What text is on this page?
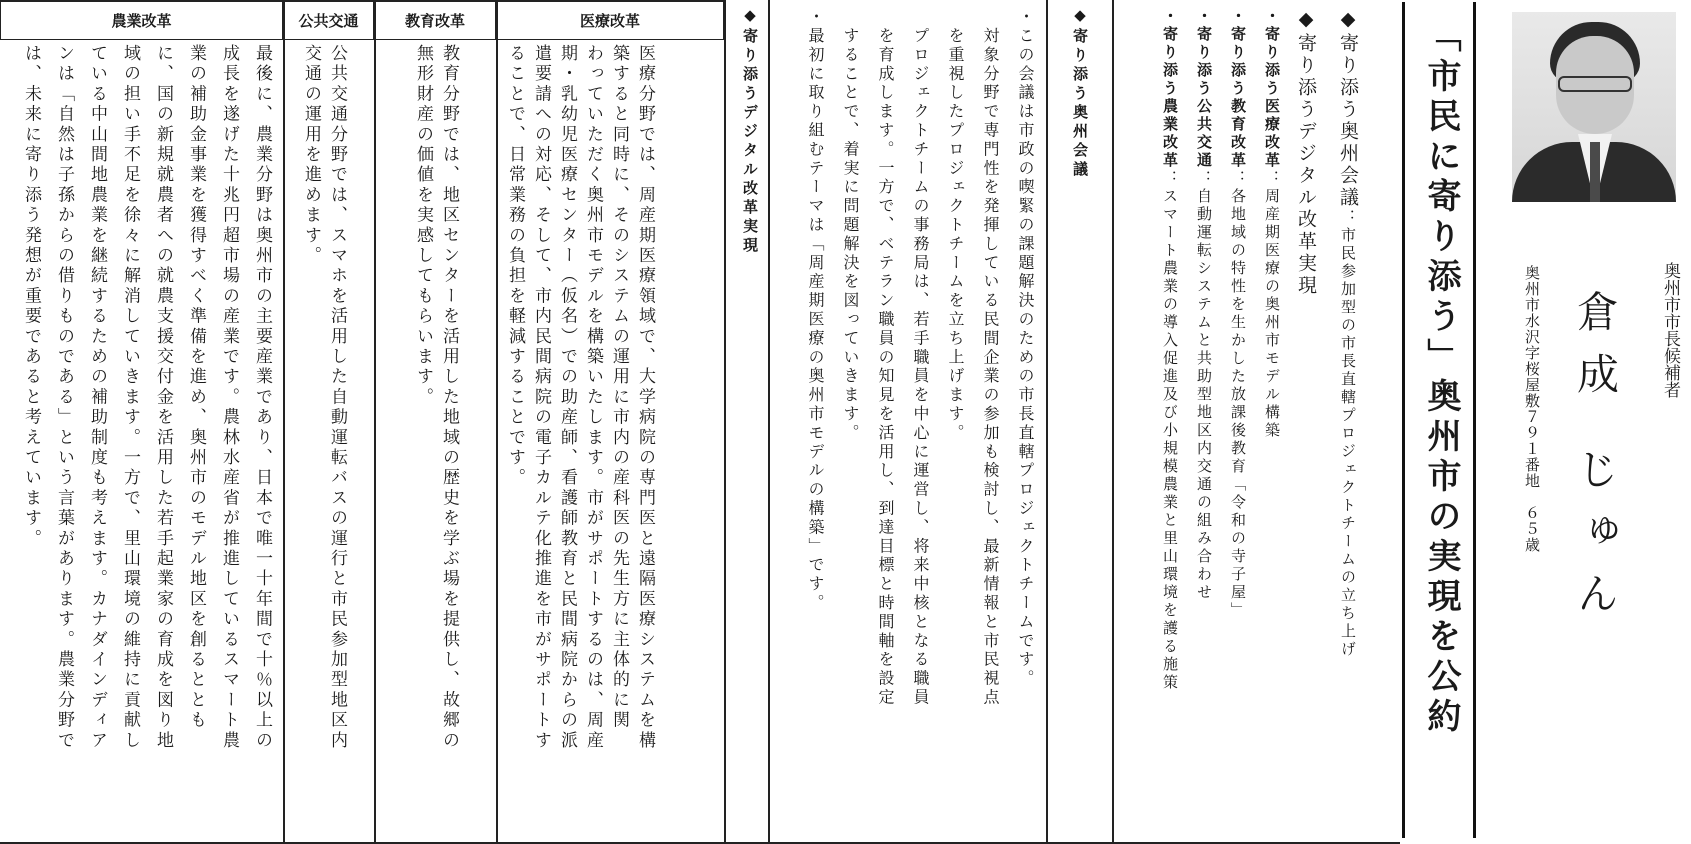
奥州市市長候補者
倉成 じゅん
奥州市水沢字桜屋敷７９１番地　６５歳
「市民に寄り添う」奥州市の実現を公約
◆寄り添う奥州会議：市民参加型の市長直轄プロジェクトチームの立ち上げ
◆寄り添うデジタル改革実現
・寄り添う医療改革：周産期医療の奥州市モデル構築
・寄り添う教育改革：各地域の特性を生かした放課後教育「令和の寺子屋」
・寄り添う公共交通：自動運転システムと共助型地区内交通の組み合わせ
・寄り添う農業改革：スマート農業の導入促進及び小規模農業と里山環境を護る施策
◆寄り添う奥州会議
・この会議は市政の喫緊の課題解決のための市長直轄プロジェクトチームです。
　対象分野で専門性を発揮している民間企業の参加も検討し、最新情報と市民視点
　を重視したプロジェクトチームを立ち上げます。
　プロジェクトチームの事務局は、若手職員を中心に運営し、将来中核となる職員
　を育成します。一方で、ベテラン職員の知見を活用し、到達目標と時間軸を設定
　することで、着実に問題解決を図っていきます。
・最初に取り組むテーマは「周産期医療の奥州市モデルの構築」です。
◆寄り添うデジタル改革実現
医療改革
医療分野では、周産期医療領域で、大学病院の専門医と遠隔医療システムを構
築すると同時に、そのシステムの運用に市内の産科医の先生方に主体的に関
わっていただく奥州市モデルを構築いたします。市がサポートするのは、周産
期・乳幼児医療センター（仮名）での助産師、看護師教育と民間病院からの派
遣要請への対応、そして、市内民間病院の電子カルテ化推進を市がサポートす
ることで、日常業務の負担を軽減することです。
教育改革
教育分野では、地区センターを活用した地域の歴史を学ぶ場を提供し、故郷の
無形財産の価値を実感してもらいます。
公共交通
公共交通分野では、スマホを活用した自動運転バスの運行と市民参加型地区内
交通の運用を進めます。
農業改革
最後に、農業分野は奥州市の主要産業であり、日本で唯一十年間で十％以上の
成長を遂げた十兆円超市場の産業です。農林水産省が推進しているスマート農
業の補助金事業を獲得すべく準備を進め、奥州市のモデル地区を創るととも
に、国の新規就農者への就農支援交付金を活用した若手起業家の育成を図り地
域の担い手不足を徐々に解消していきます。一方で、里山環境の維持に貢献し
ている中山間地農業を継続するための補助制度も考えます。カナダインディア
ンは「自然は子孫からの借りものである」という言葉があります。農業分野で
は、未来に寄り添う発想が重要であると考えています。
